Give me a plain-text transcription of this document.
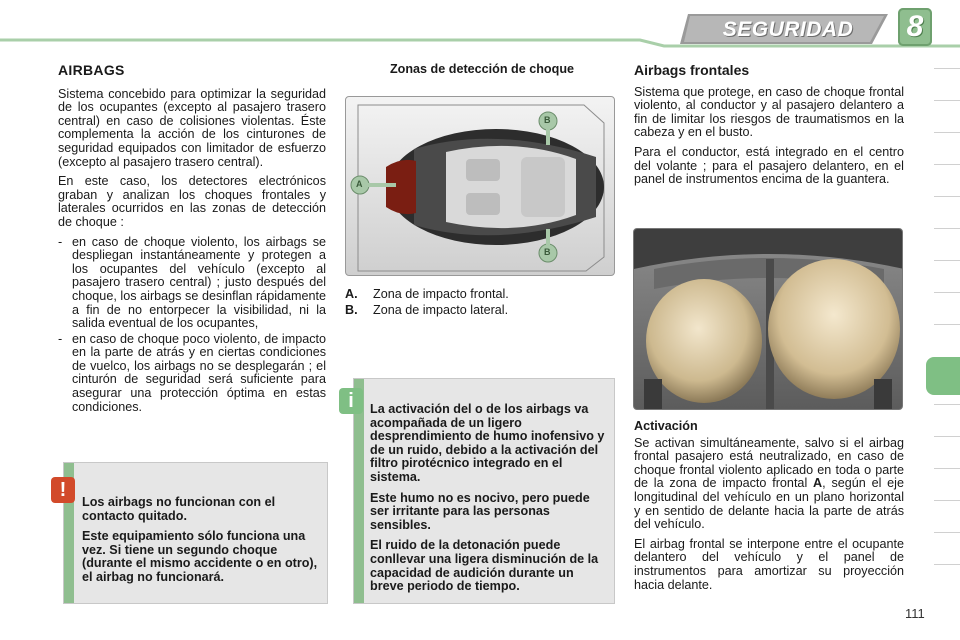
SEGURIDAD	8
AIRBAGS

Sistema concebido para optimizar la seguridad de los ocupantes (excepto al pasajero trasero central) en caso de colisiones violentas. Éste complementa la acción de los cinturones de seguridad equipados con limitador de esfuerzo (excepto al pasajero trasero central).

En este caso, los detectores electrónicos graban y analizan los choques frontales y laterales ocurridos en las zonas de detección de choque :

- en caso de choque violento, los airbags se despliegan instantáneamente y protegen a los ocupantes del vehículo (excepto al pasajero trasero central) ; justo después del choque, los airbags se desinflan rápidamente a fin de no entorpecer la visibilidad, ni la salida eventual de los ocupantes,
- en caso de choque poco violento, de impacto en la parte de atrás y en ciertas condiciones de vuelco, los airbags no se desplegarán ; el cinturón de seguridad será suficiente para asegurar una protección óptima en estas condiciones.
!

Los airbags no funcionan con el contacto quitado.

Este equipamiento sólo funciona una vez. Si tiene un segundo choque (durante el mismo accidente o en otro), el airbag no funcionará.

Zonas de detección de choque
A
B
B
A.	Zona de impacto frontal.
B.	Zona de impacto lateral.
i	La activación del o de los airbags va acompañada de un ligero desprendimiento de humo inofensivo y de un ruido, debido a la activación del filtro pirotécnico integrado en el sistema.

Este humo no es nocivo, pero puede ser irritante para las personas sensibles.

El ruido de la detonación puede conllevar una ligera disminución de la capacidad de audición durante un breve periodo de tiempo.

Airbags frontales

Sistema que protege, en caso de choque frontal violento, al conductor y al pasajero delantero a fin de limitar los riesgos de traumatismos en la cabeza y en el busto.

Para el conductor, está integrado en el centro del volante ; para el pasajero delantero, en el panel de instrumentos encima de la guantera.

Activación

Se activan simultáneamente, salvo si el airbag frontal pasajero está neutralizado, en caso de choque frontal violento aplicado en toda o parte de la zona de impacto frontal A, según el eje longitudinal del vehículo en un plano horizontal y en sentido de delante hacia la parte de atrás del vehículo.

El airbag frontal se interpone entre el ocupante delantero del vehículo y el panel de instrumentos para amortizar su proyección hacia delante.

111
